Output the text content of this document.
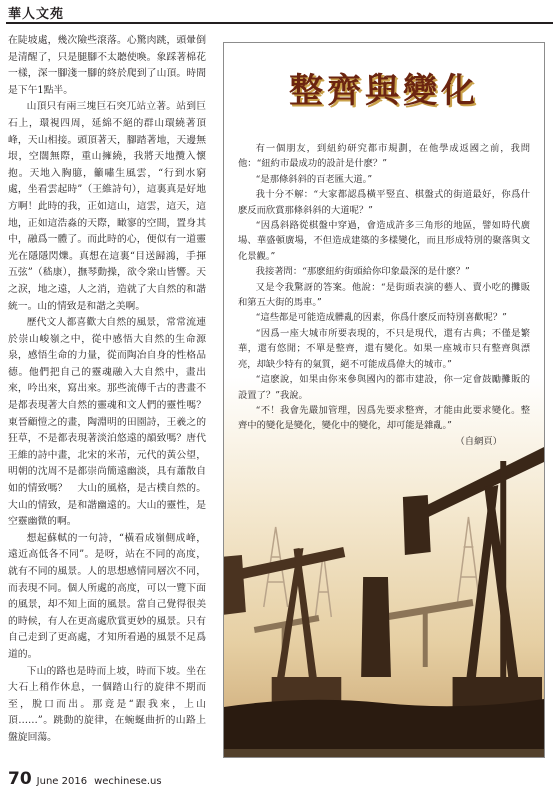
華人文苑

在陡坡處，幾次險些滾落。心驚肉跳，頭暈倒是清醒了，只是腿腳不太聽使喚。象踩著棉花一樣，深一腳淺一腳的終於爬到了山頂。時間是下午1點半。

山頂只有兩三塊巨石突兀站立著。站到巨石上，環視四周，延綿不絕的群山環繞著頂峰，天山相接。頭頂著天，腳踏著地，天邊無垠，空闊無際，重山擁繞，我將天地攬入懷抱。天地入胸臆，籲嘯生風雲，“行到水窮處，坐看雲起時”（王維詩句），這裏真是好地方啊！此時的我，正如這山，這雲，這天，這地，正如這浩淼的天際，瞰寥的空間，置身其中，融爲一體了。而此時的心，便似有一道靈光在隱隱閃爍。真想在這裏“目送歸鴻，手揮五弦”（嵇康），撫琴動操，欲令衆山皆響。天之淚，地之遠，人之消，造就了大自然的和諧統一。山的情致是和諧之美啊。

歷代文人都喜歡大自然的風景，常常流連於崇山峻嶺之中，從中感悟大自然的生命源泉，感悟生命的力量，從而陶冶自身的性格品德。他們把自己的靈魂融入大自然中，畫出來，吟出來，寫出來。那些流傳千古的書畫不是都表現著大自然的靈魂和文人們的靈性嗎？東晉顧愷之的畫，陶淵明的田園詩，王羲之的狂草，不是都表現著淡泊悠遠的韻致嗎？唐代王維的詩中畫，北宋的米芾，元代的黃公望，明朝的沈周不是都崇尚簡遠幽淡，具有蕭散自如的情致嗎？　大山的風格，是古樸自然的。大山的情致，是和諧幽遠的。大山的靈性，是空靈幽微的啊。

想起蘇軾的一句詩，“橫看成嶺側成峰，遠近高低各不同”。是呀，站在不同的高度，就有不同的風景。人的思想感情同層次不同，而表現不同。個人所處的高度，可以一覽下面的風景，却不知上面的風景。當自己覺得很美的時候，有人在更高處欣賞更妙的風景。只有自己走到了更高處，才知所看過的風景不足爲道的。

下山的路也是時而上坡，時而下坡。坐在大石上稍作休息，一個踏山行的旋律不期而至，脫口而出。那竟是“跟我來，上山頂……”。跳動的旋律，在蜿蜒曲折的山路上盤旋回蕩。

整齊與變化

有一個朋友，到紐約研究都市規劃，在他學成返國之前，我問他：“紐約市最成功的設計是什麽？”

“是那條斜斜的百老匯大道。”

我十分不解：“大家都認爲橫平竪直、棋盤式的街道最好，你爲什麽反而欣賞那條斜斜的大道呢？”

“因爲斜路從棋盤中穿過，會造成許多三角形的地區，譬如時代廣場、華盛頓廣場，不但造成建築的多樣變化，而且形成特別的聚落與文化景觀。”

我接著問：“那麽紐約街頭給你印象最深的是什麽？”

又是令我驚訝的答案。他說：“是街頭表演的藝人、賣小吃的攤販和第五大街的馬車。”

“這些都是可能造成髒亂的因素，你爲什麽反而特別喜歡呢？”

“因爲一座大城市所要表現的，不只是現代，還有古典；不僅是繁華，還有悠閒；不單是整齊，還有變化。如果一座城市只有整齊與漂亮，却缺少特有的氣質，絕不可能成爲偉大的城市。”

“這麽說，如果由你來參與國內的都市建設，你一定會鼓勵攤販的設置了？”我說。

“不！我會先嚴加管理，因爲先要求整齊，才能由此要求變化。整齊中的變化是變化，變化中的變化，却可能是雜亂。”

（自網頁）

70 June 2016 wechinese.us
